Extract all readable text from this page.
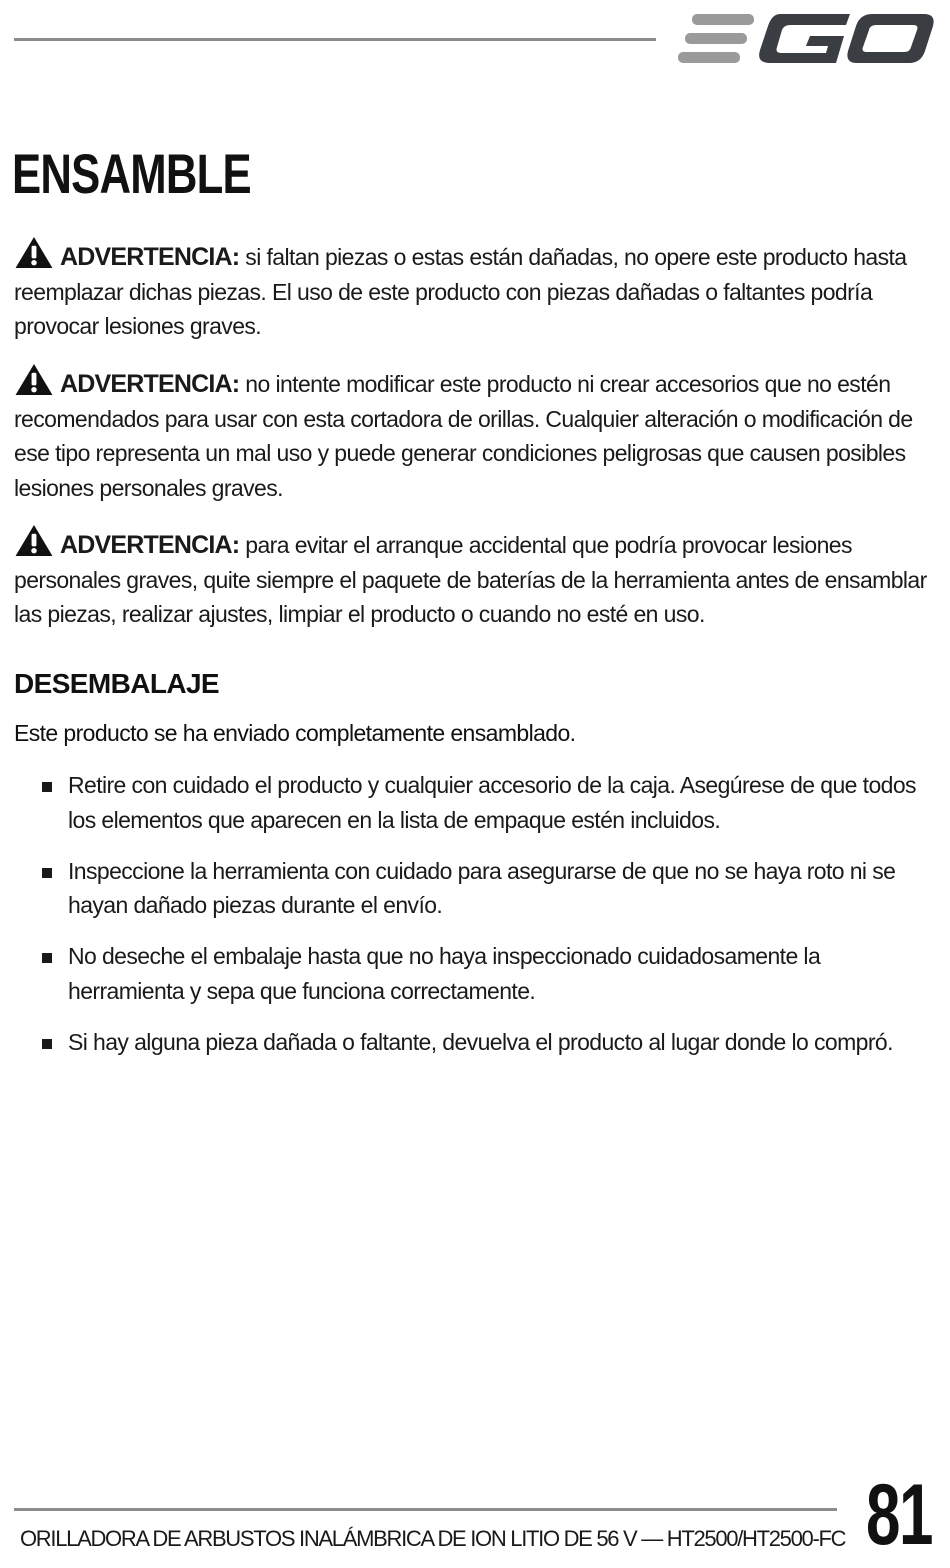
ENSAMBLE

ADVERTENCIA: si faltan piezas o estas están dañadas, no opere este producto hasta reemplazar dichas piezas. El uso de este producto con piezas dañadas o faltantes podría provocar lesiones graves.

ADVERTENCIA: no intente modificar este producto ni crear accesorios que no estén recomendados para usar con esta cortadora de orillas. Cualquier alteración o modificación de ese tipo representa un mal uso y puede generar condiciones peligrosas que causen posibles lesiones personales graves.

ADVERTENCIA: para evitar el arranque accidental que podría provocar lesiones personales graves, quite siempre el paquete de baterías de la herramienta antes de ensamblar las piezas, realizar ajustes, limpiar el producto o cuando no esté en uso.

DESEMBALAJE

Este producto se ha enviado completamente ensamblado.

Retire con cuidado el producto y cualquier accesorio de la caja. Asegúrese de que todos los elementos que aparecen en la lista de empaque estén incluidos.
Inspeccione la herramienta con cuidado para asegurarse de que no se haya roto ni se hayan dañado piezas durante el envío.
No deseche el embalaje hasta que no haya inspeccionado cuidadosamente la herramienta y sepa que funciona correctamente.
Si hay alguna pieza dañada o faltante, devuelva el producto al lugar donde lo compró.

ORILLADORA DE ARBUSTOS INALÁMBRICA DE ION LITIO DE 56 V — HT2500/HT2500-FC 81
